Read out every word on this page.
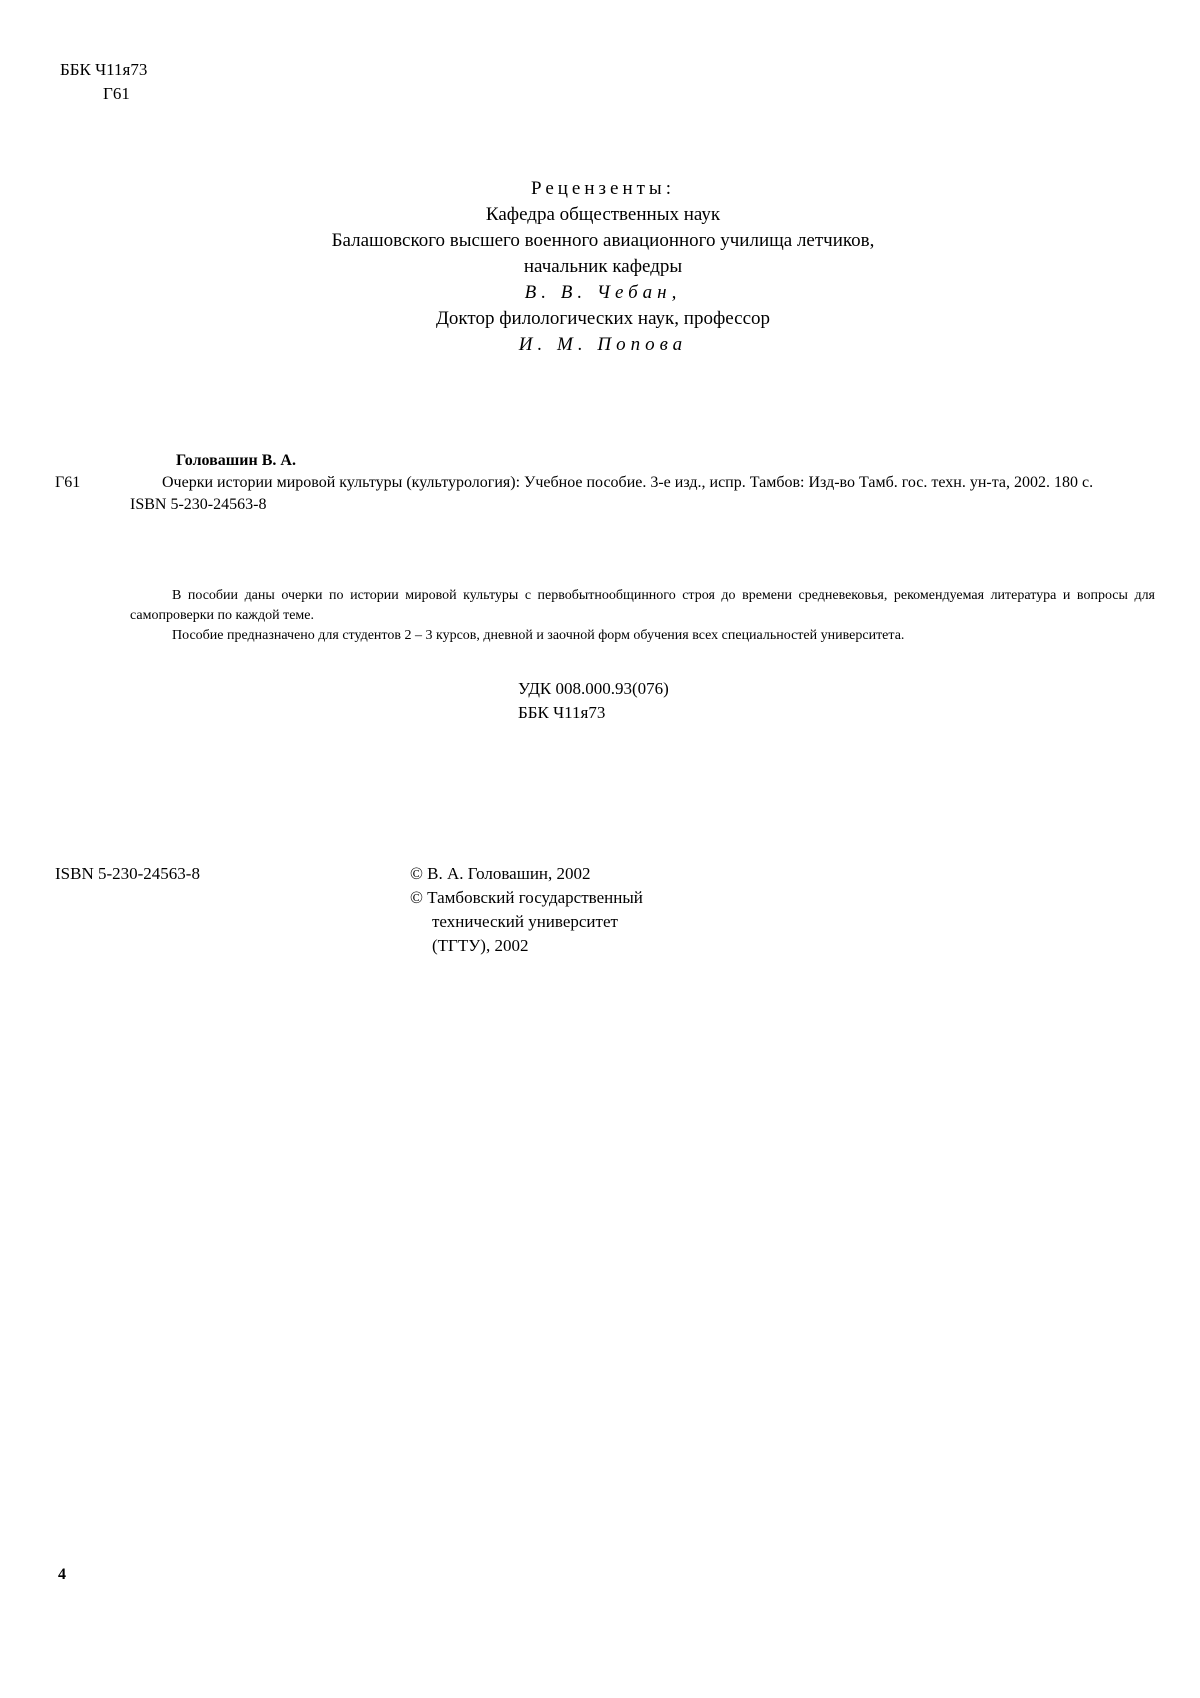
ББК Ч11я73
Г61
Рецензенты:
Кафедра общественных наук
Балашовского высшего военного авиационного училища летчиков,
начальник кафедры
В. В. Чебан,
Доктор филологических наук, профессор
И. М. Попова
Головашин В. А.
Г61	Очерки истории мировой культуры (культурология): Учебное пособие. 3-е изд., испр. Тамбов: Изд-во Тамб. гос. техн. ун-та, 2002. 180 с.
ISBN 5-230-24563-8

В пособии даны очерки по истории мировой культуры с первобытнообщинного строя до времени средневековья, рекомендуемая литература и вопросы для самопроверки по каждой теме.

Пособие предназначено для студентов 2 – 3 курсов, дневной и заочной форм обучения всех специальностей университета.

УДК 008.000.93(076)
ББК Ч11я73
ISBN 5-230-24563-8	© В. А. Головашин, 2002
© Тамбовский государственный
технический университет
(ТГТУ), 2002
4
